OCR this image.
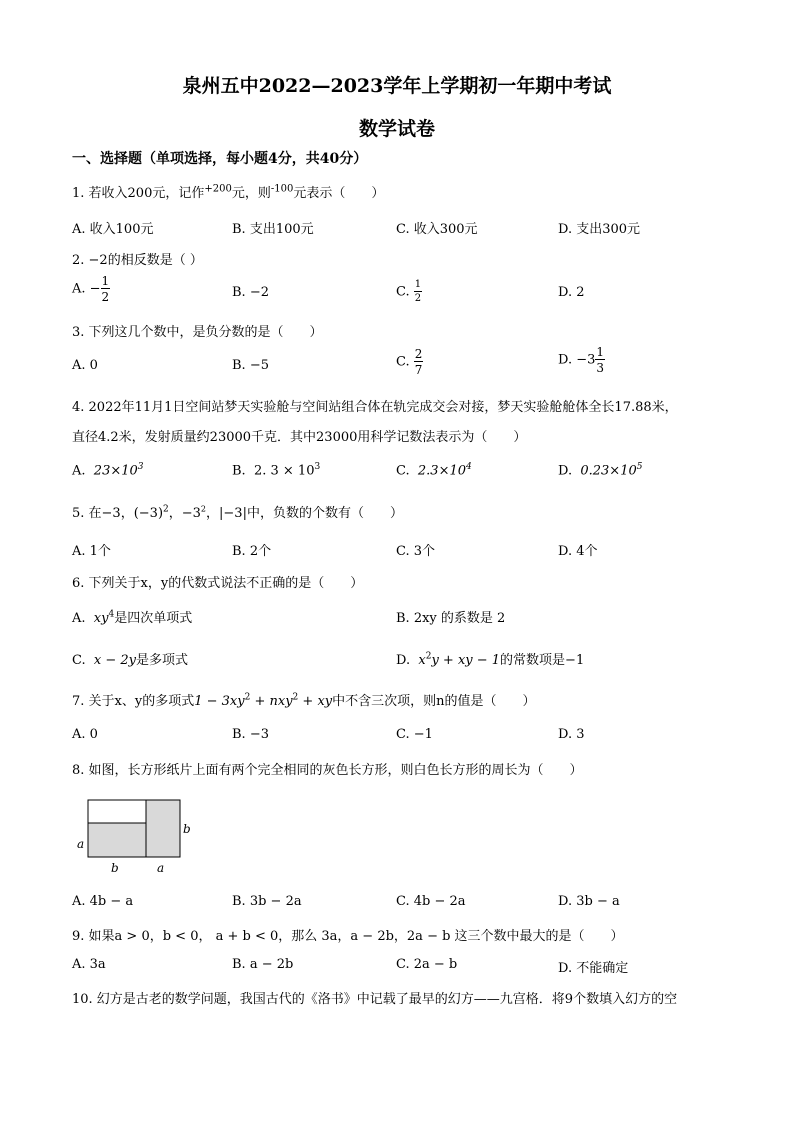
泉州五中2022—2023学年上学期初一年期中考试
数学试卷
一、选择题（单项选择，每小题4分，共40分）
1. 若收入200元，记作$^{+200}$元，则$^{-100}$元表示（　　）
A. 收入100元	B. 支出100元	C. 收入300元	D. 支出300元
2. −2的相反数是（ ）
A. − $\frac{1}{2}$	B. −2	C. $\frac{1}{2}$	D. 2
3. 下列这几个数中，是负分数的是（　　）
A. 0	B. −5	C. $\frac{2}{7}$	D. $-3 \frac{1}{3}$
4. 2022年11月1日空间站梦天实验舱与空间站组合体在轨完成交会对接，梦天实验舱舱体全长17.88米，
直径4.2米，发射质量约23000千克．其中23000用科学记数法表示为（　　）
A. $23\times 10^3$	B. 2. $3 \times 10^3$	C. $2.3\times 10^4$	D. $0.23\times 10^5$
5. 在−3，$(-3)^2$，$-3^2$，|−3|中，负数的个数有（　　）
A. 1个	B. 2个	C. 3个	D. 4个
6. 下列关于x，y的代数式说法不正确的是（　　）
A. $xy^4$是四次单项式	B. 2xy 的系数是 2
C. x − 2y是多项式	D. $x^2y$ + xy − 1的常数项是−1
7. 关于x、y的多项式$1 - 3xy^2 + nxy^2$ + xy中不含三次项，则n的值是（　　）
A. 0	B. −3	C. −1	D. 3
8. 如图，长方形纸片上面有两个完全相同的灰色长方形，则白色长方形的周长为（　　）
a
b
b	a
A. 4b − a	B. 3b − 2a	C. 4b − 2a	D. 3b − a
9. 如果a > 0，b < 0， a + b < 0，那么 3a，a − 2b，2a − b 这三个数中最大的是（　　）
A. 3a	B. a − 2b	C. 2a − b	D. 不能确定
10. 幻方是古老的数学问题，我国古代的《洛书》中记载了最早的幻方——九宫格．将9个数填入幻方的空
